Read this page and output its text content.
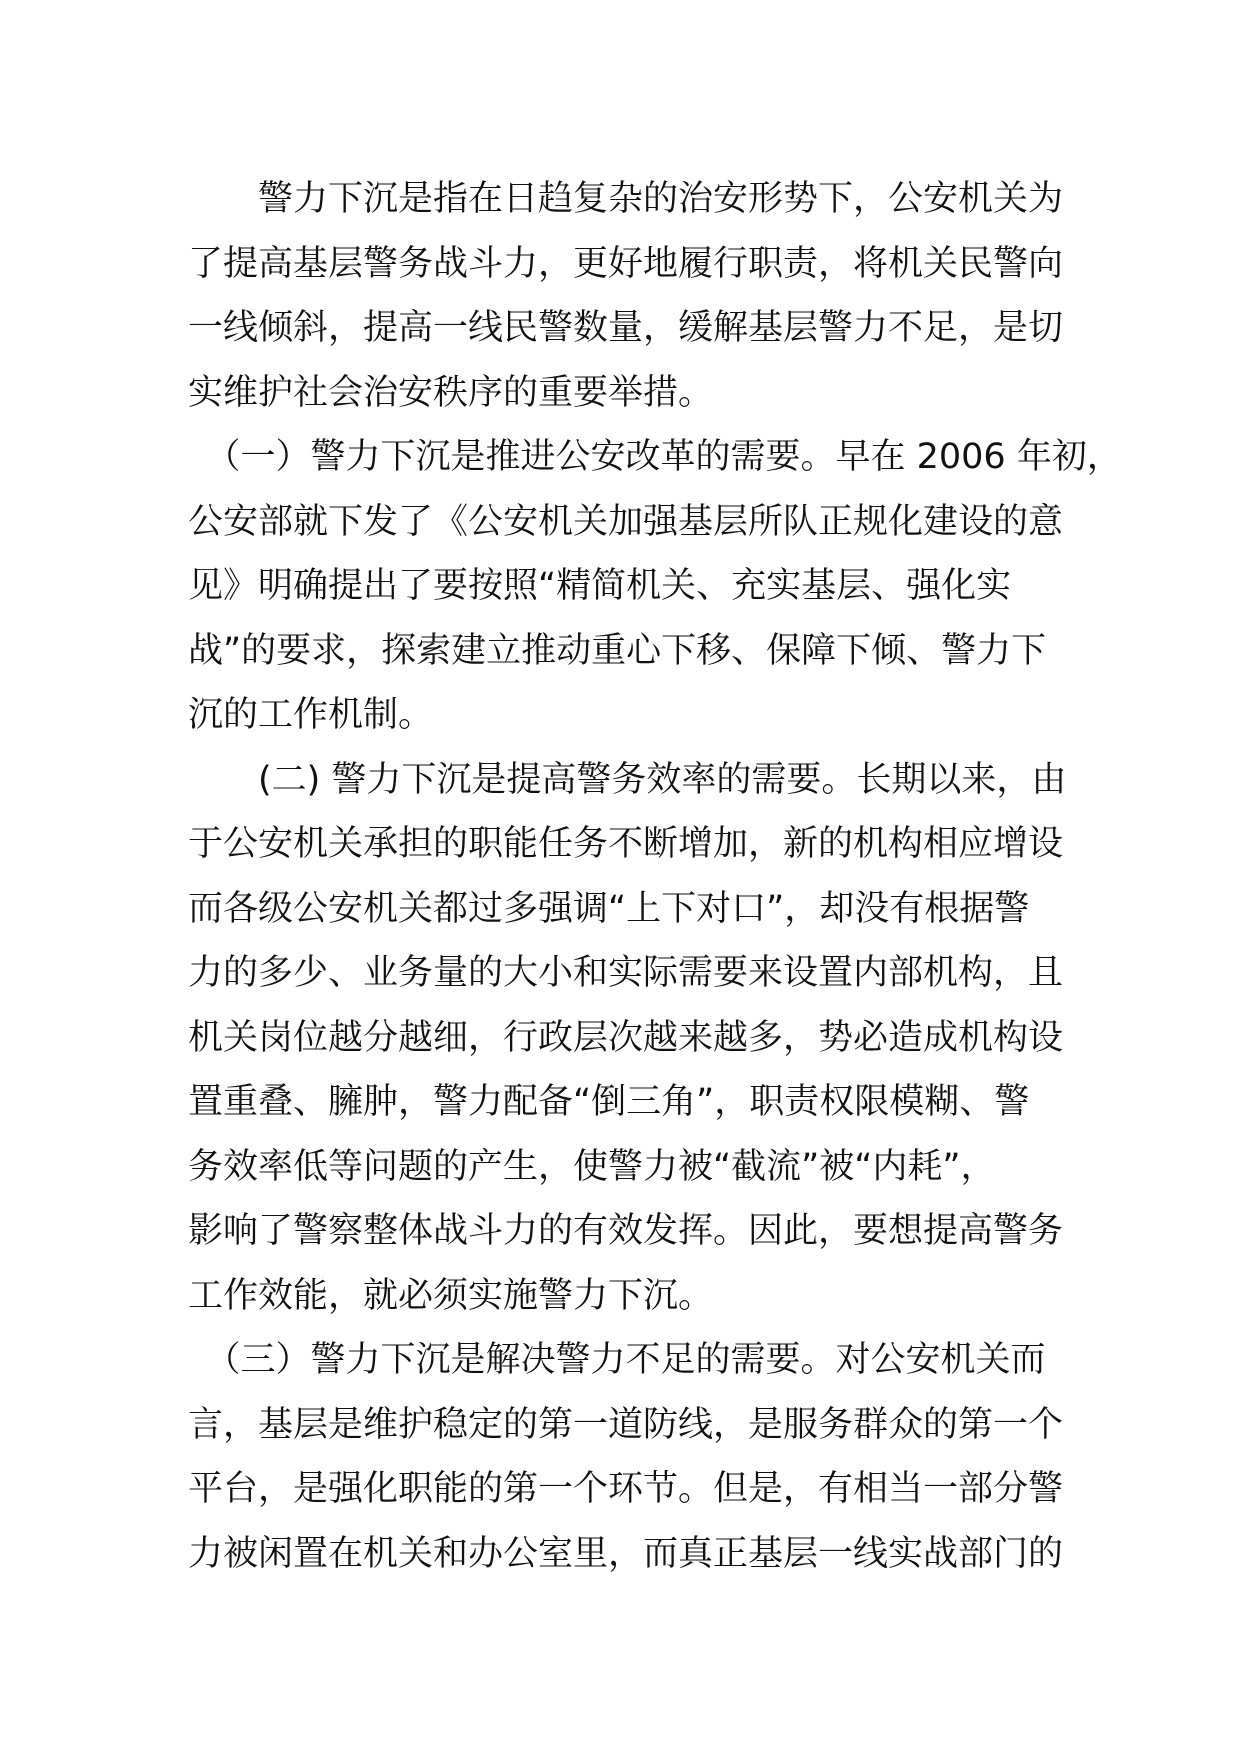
　　警力下沉是指在日趋复杂的治安形势下，公安机关为
了提高基层警务战斗力，更好地履行职责，将机关民警向
一线倾斜，提高一线民警数量，缓解基层警力不足，是切
实维护社会治安秩序的重要举措。
　（一）警力下沉是推进公安改革的需要。早在 2006 年初，
公安部就下发了《公安机关加强基层所队正规化建设的意
见》明确提出了要按照“精简机关、充实基层、强化实
战”的要求，探索建立推动重心下移、保障下倾、警力下
沉的工作机制。
　　(二) 警力下沉是提高警务效率的需要。长期以来，由
于公安机关承担的职能任务不断增加，新的机构相应增设
而各级公安机关都过多强调“上下对口”，却没有根据警
力的多少、业务量的大小和实际需要来设置内部机构，且
机关岗位越分越细，行政层次越来越多，势必造成机构设
置重叠、臃肿，警力配备“倒三角”，职责权限模糊、警
务效率低等问题的产生，使警力被“截流”被“内耗”，
影响了警察整体战斗力的有效发挥。因此，要想提高警务
工作效能，就必须实施警力下沉。
　（三）警力下沉是解决警力不足的需要。对公安机关而
言，基层是维护稳定的第一道防线，是服务群众的第一个
平台，是强化职能的第一个环节。但是，有相当一部分警
力被闲置在机关和办公室里，而真正基层一线实战部门的
